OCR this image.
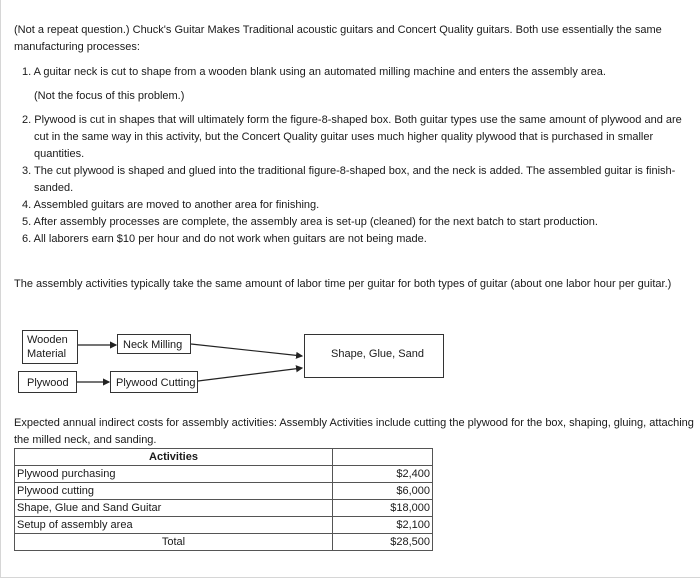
(Not a repeat question.) Chuck's Guitar Makes Traditional acoustic guitars and Concert Quality guitars. Both use essentially the same manufacturing processes:
1. A guitar neck is cut to shape from a wooden blank using an automated milling machine and enters the assembly area.
(Not the focus of this problem.)
2. Plywood is cut in shapes that will ultimately form the figure-8-shaped box. Both guitar types use the same amount of plywood and are
cut in the same way in this activity, but the Concert Quality guitar uses much higher quality plywood that is purchased in smaller
quantities.
3. The cut plywood is shaped and glued into the traditional figure-8-shaped box, and the neck is added. The assembled guitar is finish-
sanded.
4. Assembled guitars are moved to another area for finishing.
5. After assembly processes are complete, the assembly area is set-up (cleaned) for the next batch to start production.
6. All laborers earn $10 per hour and do not work when guitars are not being made.
The assembly activities typically take the same amount of labor time per guitar for both types of guitar (about one labor hour per guitar.)
Wooden
Material
Neck Milling
Shape, Glue, Sand
Plywood	Plywood Cutting
Expected annual indirect costs for assembly activities: Assembly Activities include cutting the plywood for the box, shaping, gluing, attaching
the milled neck, and sanding.
Activities	
Plywood purchasing	$2,400
Plywood cutting	$6,000
Shape, Glue and Sand Guitar	$18,000
Setup of assembly area	$2,100
Total	$28,500
